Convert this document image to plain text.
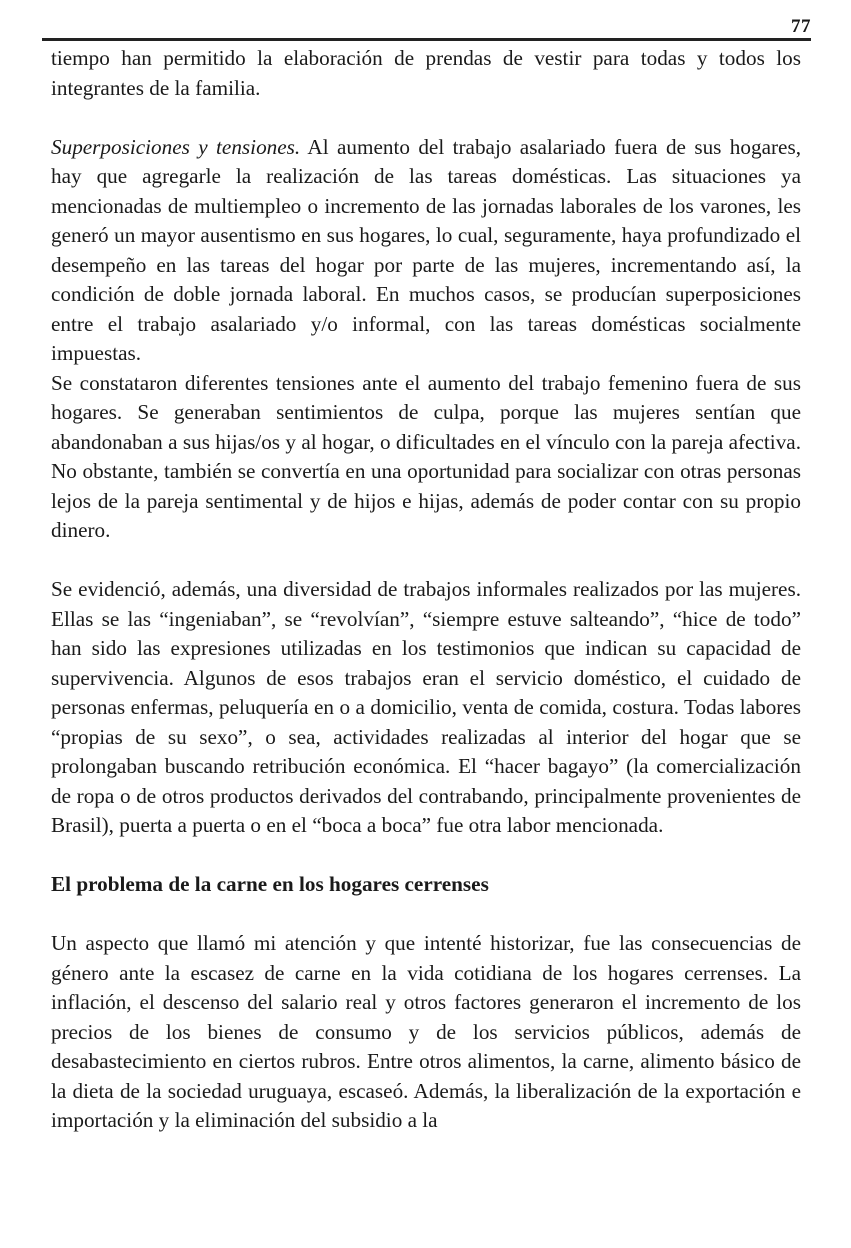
77

tiempo han permitido la elaboración de prendas de vestir para todas y todos los integrantes de la familia.

Superposiciones y tensiones. Al aumento del trabajo asalariado fuera de sus hogares, hay que agregarle la realización de las tareas domésticas. Las situaciones ya mencionadas de multiempleo o incremento de las jornadas laborales de los varones, les generó un mayor ausentismo en sus hogares, lo cual, seguramente, haya profundizado el desempeño en las tareas del hogar por parte de las mujeres, incrementando así, la condición de doble jornada laboral. En muchos casos, se producían superposiciones entre el trabajo asalariado y/o informal, con las tareas domésticas socialmente impuestas.

Se constataron diferentes tensiones ante el aumento del trabajo femenino fuera de sus hogares. Se generaban sentimientos de culpa, porque las mujeres sentían que abandonaban a sus hijas/os y al hogar, o dificultades en el vínculo con la pareja afectiva. No obstante, también se convertía en una oportunidad para socializar con otras personas lejos de la pareja sentimental y de hijos e hijas, además de poder contar con su propio dinero.

Se evidenció, además, una diversidad de trabajos informales realizados por las mujeres. Ellas se las “ingeniaban”, se “revolvían”, “siempre estuve salteando”, “hice de todo” han sido las expresiones utilizadas en los testimonios que indican su capacidad de supervivencia. Algunos de esos trabajos eran el servicio doméstico, el cuidado de personas enfermas, peluquería en o a domicilio, venta de comida, costura. Todas labores “propias de su sexo”, o sea, actividades realizadas al interior del hogar que se prolongaban buscando retribución económica. El “hacer bagayo” (la comercialización de ropa o de otros productos derivados del contrabando, principalmente provenientes de Brasil), puerta a puerta o en el “boca a boca” fue otra labor mencionada.

El problema de la carne en los hogares cerrenses

Un aspecto que llamó mi atención y que intenté historizar, fue las consecuencias de género ante la escasez de carne en la vida cotidiana de los hogares cerrenses. La inflación, el descenso del salario real y otros factores generaron el incremento de los precios de los bienes de consumo y de los servicios públicos, además de desabastecimiento en ciertos rubros. Entre otros alimentos, la carne, alimento básico de la dieta de la sociedad uruguaya, escaseó. Además, la liberalización de la exportación e importación y la eliminación del subsidio a la
